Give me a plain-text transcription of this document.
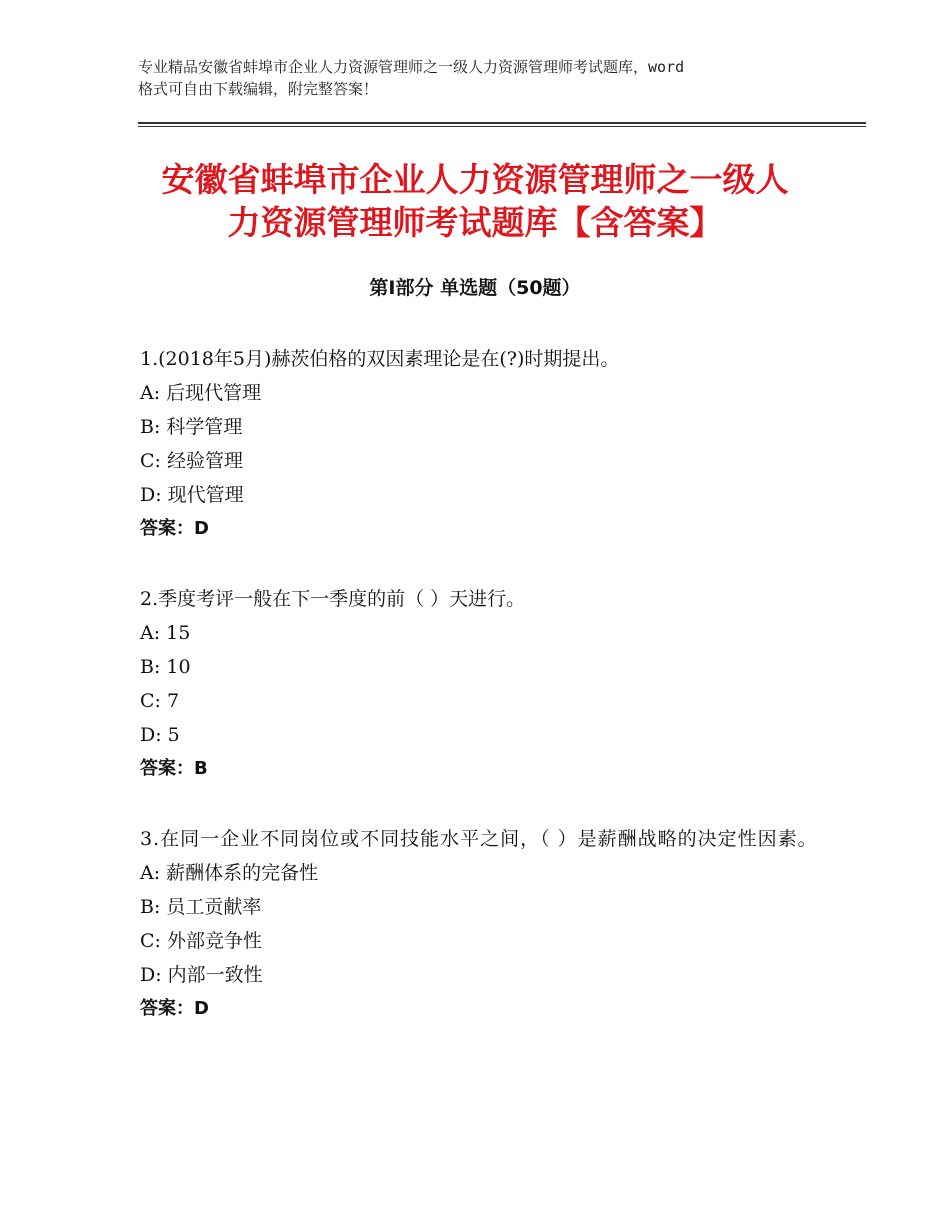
专业精品安徽省蚌埠市企业人力资源管理师之一级人力资源管理师考试题库，word
格式可自由下载编辑，附完整答案！
安徽省蚌埠市企业人力资源管理师之一级人
力资源管理师考试题库【含答案】
第Ⅰ部分 单选题（50题）
1.(2018年5月)赫茨伯格的双因素理论是在(?)时期提出。
A: 后现代管理
B: 科学管理
C: 经验管理
D: 现代管理
答案：D
2.季度考评一般在下一季度的前（ ）天进行。
A: 15
B: 10
C: 7
D: 5
答案：B
3.在同一企业不同岗位或不同技能水平之间，（ ）是薪酬战略的决定性因素。
A: 薪酬体系的完备性
B: 员工贡献率
C: 外部竞争性
D: 内部一致性
答案：D
